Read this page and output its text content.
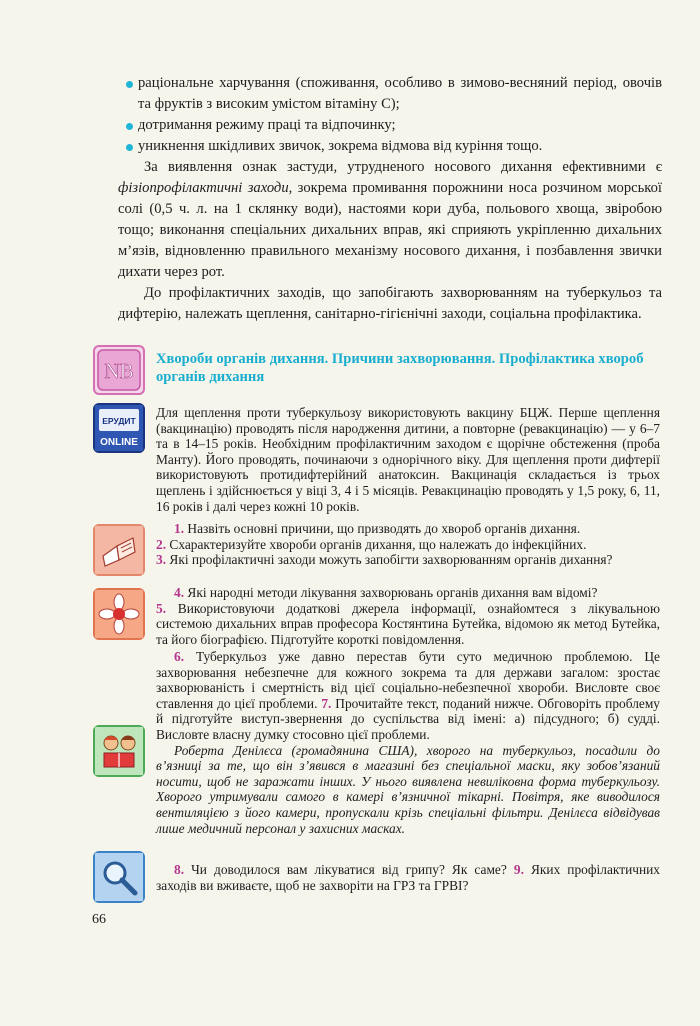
раціональне харчування (споживання, особливо в зимово-весняний період, овочів та фруктів з високим умістом вітаміну С);

дотримання режиму праці та відпочинку;

уникнення шкідливих звичок, зокрема відмова від куріння тощо.

За виявлення ознак застуди, утрудненого носового дихання ефективними є фізіопрофілактичні заходи, зокрема промивання порожнини носа розчином морської солі (0,5 ч. л. на 1 склянку води), настоями кори дуба, польового хвоща, звіробою тощо; виконання спеціальних дихальних вправ, які сприяють укріпленню дихальних м’язів, відновленню правильного механізму носового дихання, і позбавлення звички дихати через рот.

До профілактичних заходів, що запобігають захворюванням на туберкульоз та дифтерію, належать щеплення, санітарно-гігієнічні заходи, соціальна профілактика.

NB Хвороби органів дихання. Причини захворювання. Профілактика хвороб органів дихання
ЕРУДИТ
ONLINE

Для щеплення проти туберкульозу використовують вакцину БЦЖ. Перше щеплення (вакцинацію) проводять після народження дитини, а повторне (ревакцинацію) — у 6–7 та в 14–15 років. Необхідним профілактичним заходом є щорічне обстеження (проба Манту). Його проводять, починаючи з однорічного віку. Для щеплення проти дифтерії використовують протидифтерійний анатоксин. Вакцинація складається із трьох щеплень і здійснюється у віці 3, 4 і 5 місяців. Ревакцинацію проводять у 1,5 року, 6, 11, 16 років і далі через кожні 10 років.

1. Назвіть основні причини, що призводять до хвороб органів дихання.

2. Схарактеризуйте хвороби органів дихання, що належать до інфекційних.

3. Які профілактичні заходи можуть запобігти захворюванням органів дихання?

4. Які народні методи лікування захворювань органів дихання вам відомі?

5. Використовуючи додаткові джерела інформації, ознайомтеся з лікувальною системою дихальних вправ професора Костянтина Бутейка, відомою як метод Бутейка, та його біографією. Підготуйте короткі повідомлення.

6. Туберкульоз уже давно перестав бути суто медичною проблемою. Це захворювання небезпечне для кожного зокрема та для держави загалом: зростає захворюваність і смертність від цієї соціально-небезпечної хвороби. Висловте своє ставлення до цієї проблеми. 7. Прочитайте текст, поданий нижче. Обговоріть проблему й підготуйте виступ-звернення до суспільства від імені: а) підсудного; б) судді. Висловте власну думку стосовно цієї проблеми.

Роберта Денілєса (громадянина США), хворого на туберкульоз, посадили до в’язниці за те, що він з’явився в магазині без спеціальної маски, яку зобов’язаний носити, щоб не заражати інших. У нього виявлена невиліковна форма туберкульозу. Хворого утримували самого в камері в’язничної тікарні. Повітря, яке виводилося вентиляцією з його камери, пропускали крізь спеціальні фільтри. Денілєса відвідував лише медичний персонал у захисних масках.

8. Чи доводилося вам лікуватися від грипу? Як саме? 9. Яких профілактичних заходів ви вживаєте, щоб не захворіти на ГРЗ та ГРВІ?

66
